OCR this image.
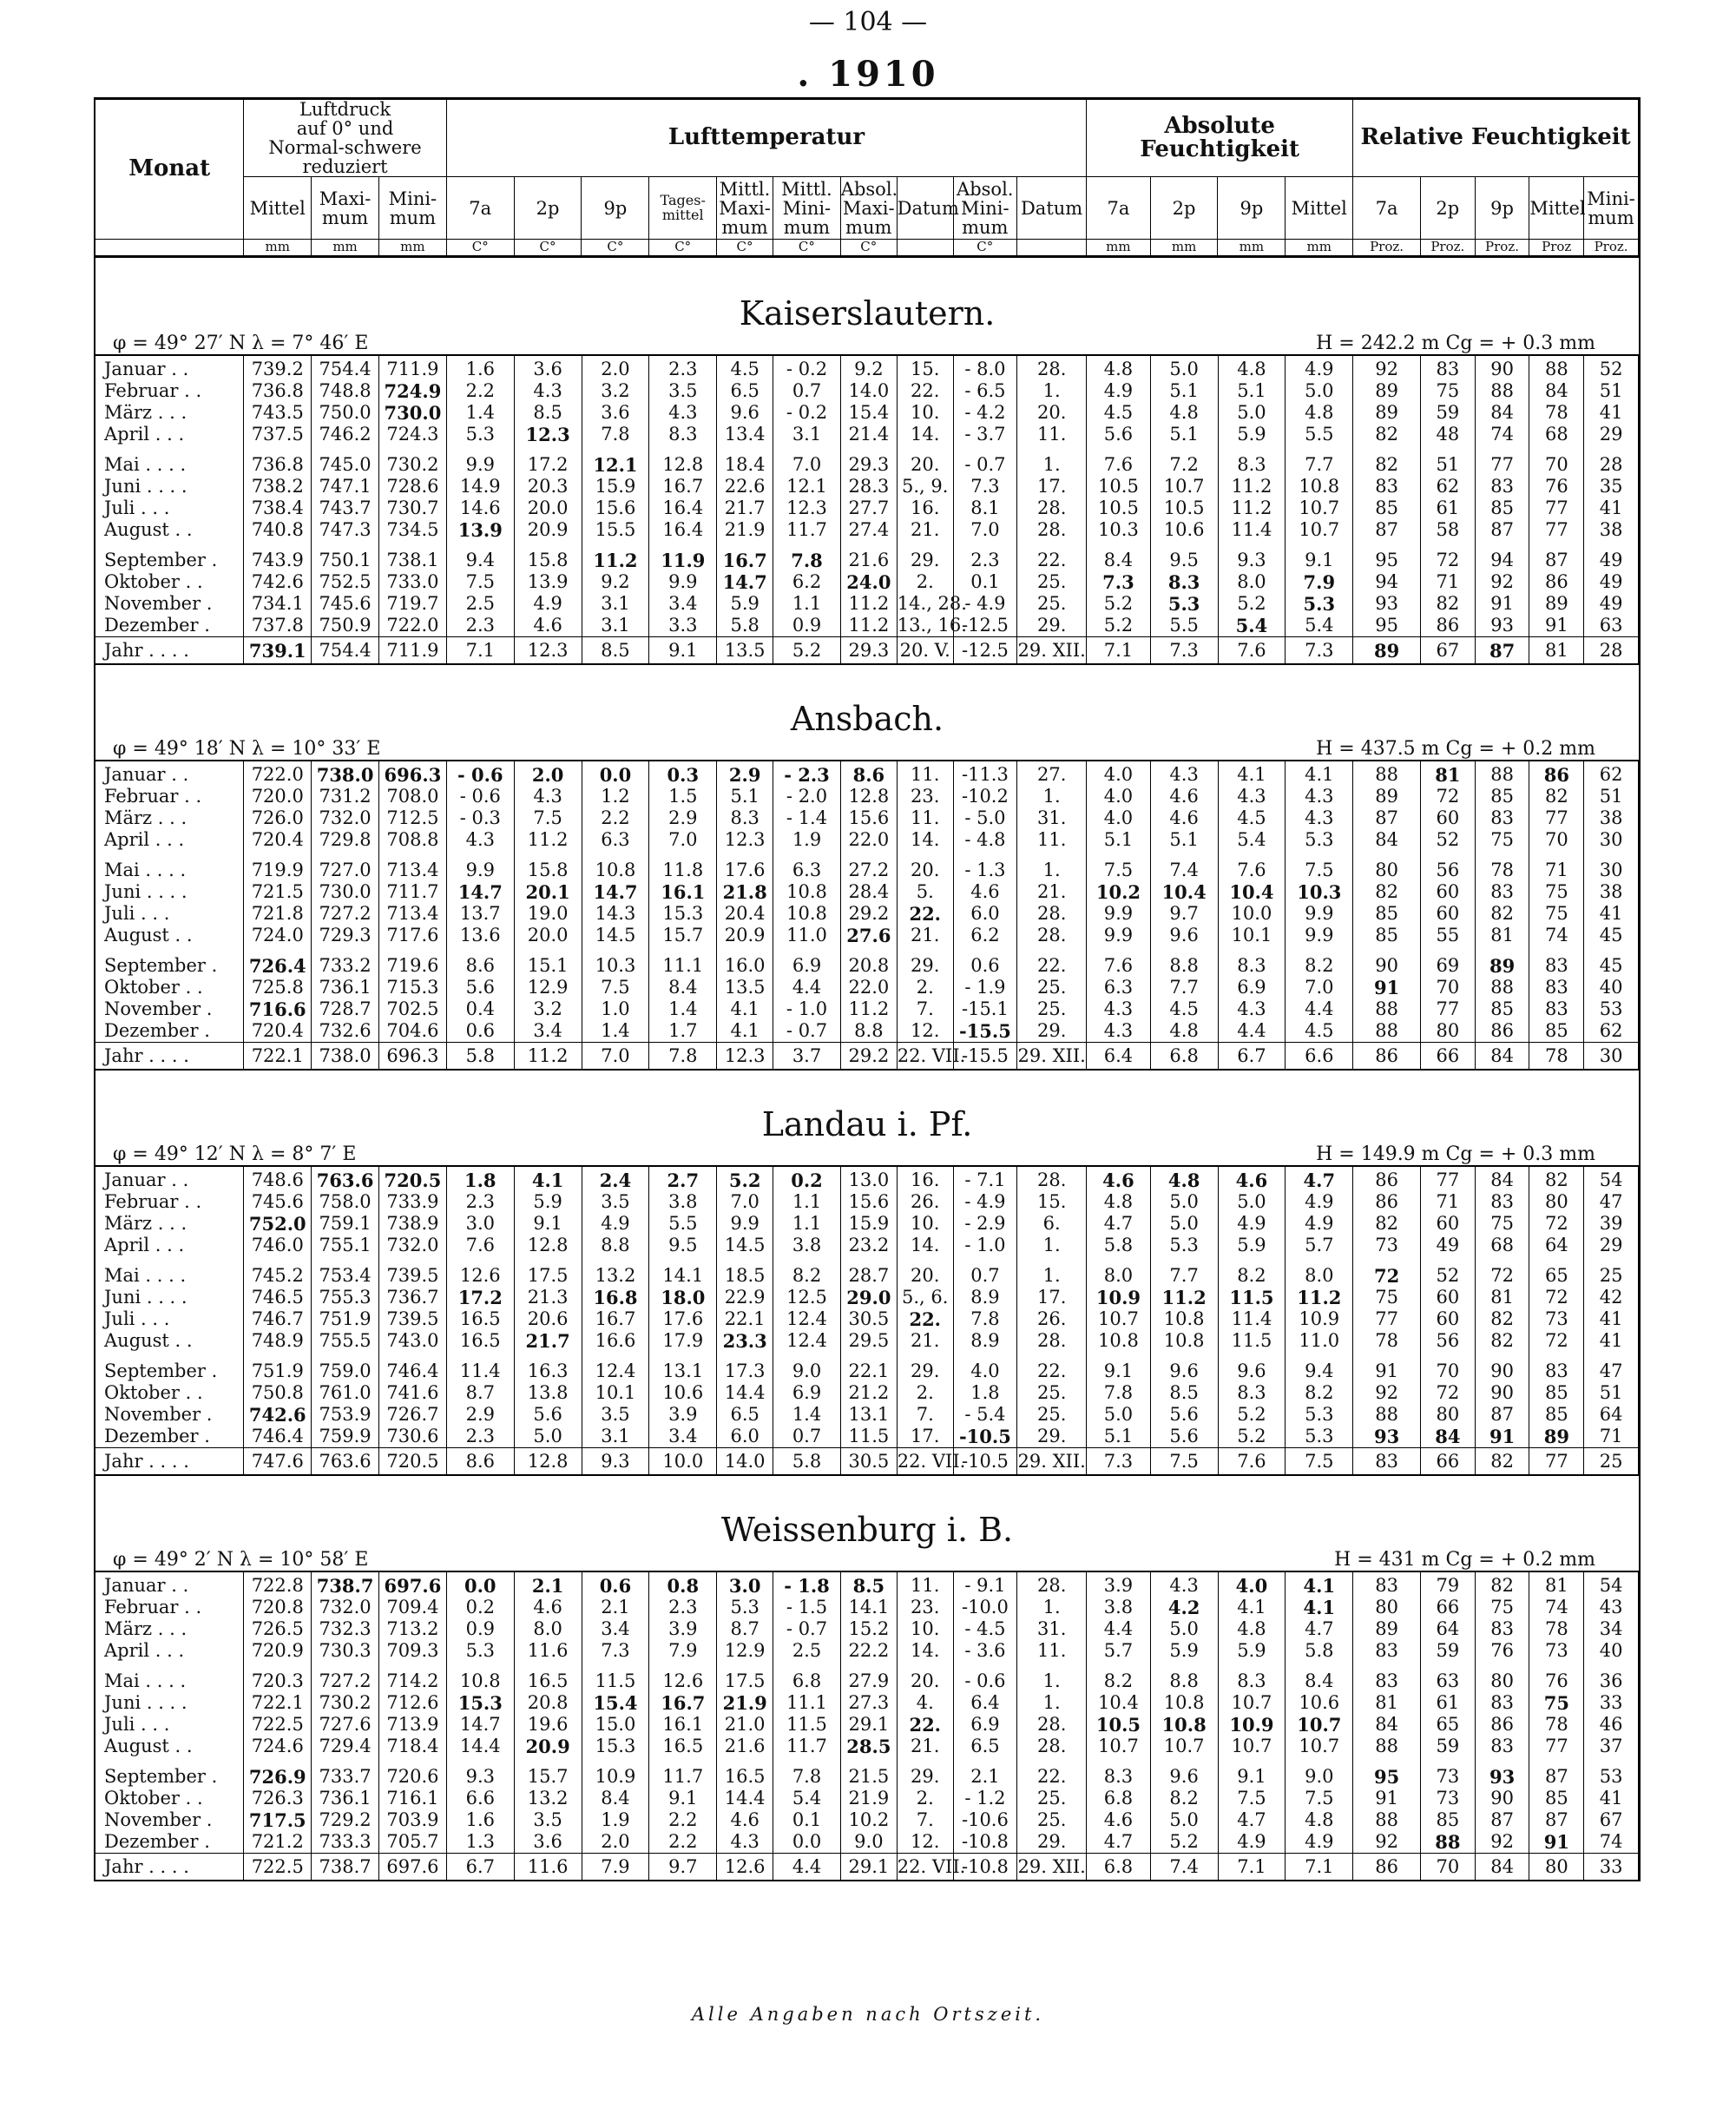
— 104 —
. 1910
Monat	Luftdruck
auf 0° und Normal-schwere reduziert			Lufttemperatur										Absolute Feuchtigkeit				Relative Feuchtigkeit				
	Mittel	Maxi-mum	Mini-mum	7a	2p	9p	Tages-mittel	Mittl. Maxi-mum	Mittl. Mini-mum	Absol. Maxi-mum	Datum	Absol. Mini-mum	Datum	7a	2p	9p	Mittel	7a	2p	9p	Mittel	Mini-mum
	mm	mm	mm	C°	C°	C°	C°	C°	C°	C°		C°		mm	mm	mm	mm	Proz.	Proz.	Proz.	Proz	Proz.
	Kaiserslautern.	
φ = 49° 27′ N λ = 7° 46′ E		H = 242.2 m Cg = + 0.3 mm
Januar . .	739.2	754.4	711.9	1.6	3.6	2.0	2.3	4.5	- 0.2	9.2	15.	- 8.0	28.	4.8	5.0	4.8	4.9	92	83	90	88	52
Februar . .	736.8	748.8	724.9	2.2	4.3	3.2	3.5	6.5	0.7	14.0	22.	- 6.5	1.	4.9	5.1	5.1	5.0	89	75	88	84	51
März . . .	743.5	750.0	730.0	1.4	8.5	3.6	4.3	9.6	- 0.2	15.4	10.	- 4.2	20.	4.5	4.8	5.0	4.8	89	59	84	78	41
April . . .	737.5	746.2	724.3	5.3	12.3	7.8	8.3	13.4	3.1	21.4	14.	- 3.7	11.	5.6	5.1	5.9	5.5	82	48	74	68	29
Mai . . . .	736.8	745.0	730.2	9.9	17.2	12.1	12.8	18.4	7.0	29.3	20.	- 0.7	1.	7.6	7.2	8.3	7.7	82	51	77	70	28
Juni . . . .	738.2	747.1	728.6	14.9	20.3	15.9	16.7	22.6	12.1	28.3	5., 9.	7.3	17.	10.5	10.7	11.2	10.8	83	62	83	76	35
Juli . . .	738.4	743.7	730.7	14.6	20.0	15.6	16.4	21.7	12.3	27.7	16.	8.1	28.	10.5	10.5	11.2	10.7	85	61	85	77	41
August . .	740.8	747.3	734.5	13.9	20.9	15.5	16.4	21.9	11.7	27.4	21.	7.0	28.	10.3	10.6	11.4	10.7	87	58	87	77	38
September .	743.9	750.1	738.1	9.4	15.8	11.2	11.9	16.7	7.8	21.6	29.	2.3	22.	8.4	9.5	9.3	9.1	95	72	94	87	49
Oktober . .	742.6	752.5	733.0	7.5	13.9	9.2	9.9	14.7	6.2	24.0	2.	0.1	25.	7.3	8.3	8.0	7.9	94	71	92	86	49
November .	734.1	745.6	719.7	2.5	4.9	3.1	3.4	5.9	1.1	11.2	14., 28.	- 4.9	25.	5.2	5.3	5.2	5.3	93	82	91	89	49
Dezember .	737.8	750.9	722.0	2.3	4.6	3.1	3.3	5.8	0.9	11.2	13., 16.	-12.5	29.	5.2	5.5	5.4	5.4	95	86	93	91	63
Jahr . . . .	739.1	754.4	711.9	7.1	12.3	8.5	9.1	13.5	5.2	29.3	20. V.	-12.5	29. XII.	7.1	7.3	7.6	7.3	89	67	87	81	28
	Ansbach.	
φ = 49° 18′ N λ = 10° 33′ E		H = 437.5 m Cg = + 0.2 mm
Januar . .	722.0	738.0	696.3	- 0.6	2.0	0.0	0.3	2.9	- 2.3	8.6	11.	-11.3	27.	4.0	4.3	4.1	4.1	88	81	88	86	62
Februar . .	720.0	731.2	708.0	- 0.6	4.3	1.2	1.5	5.1	- 2.0	12.8	23.	-10.2	1.	4.0	4.6	4.3	4.3	89	72	85	82	51
März . . .	726.0	732.0	712.5	- 0.3	7.5	2.2	2.9	8.3	- 1.4	15.6	11.	- 5.0	31.	4.0	4.6	4.5	4.3	87	60	83	77	38
April . . .	720.4	729.8	708.8	4.3	11.2	6.3	7.0	12.3	1.9	22.0	14.	- 4.8	11.	5.1	5.1	5.4	5.3	84	52	75	70	30
Mai . . . .	719.9	727.0	713.4	9.9	15.8	10.8	11.8	17.6	6.3	27.2	20.	- 1.3	1.	7.5	7.4	7.6	7.5	80	56	78	71	30
Juni . . . .	721.5	730.0	711.7	14.7	20.1	14.7	16.1	21.8	10.8	28.4	5.	4.6	21.	10.2	10.4	10.4	10.3	82	60	83	75	38
Juli . . .	721.8	727.2	713.4	13.7	19.0	14.3	15.3	20.4	10.8	29.2	22.	6.0	28.	9.9	9.7	10.0	9.9	85	60	82	75	41
August . .	724.0	729.3	717.6	13.6	20.0	14.5	15.7	20.9	11.0	27.6	21.	6.2	28.	9.9	9.6	10.1	9.9	85	55	81	74	45
September .	726.4	733.2	719.6	8.6	15.1	10.3	11.1	16.0	6.9	20.8	29.	0.6	22.	7.6	8.8	8.3	8.2	90	69	89	83	45
Oktober . .	725.8	736.1	715.3	5.6	12.9	7.5	8.4	13.5	4.4	22.0	2.	- 1.9	25.	6.3	7.7	6.9	7.0	91	70	88	83	40
November .	716.6	728.7	702.5	0.4	3.2	1.0	1.4	4.1	- 1.0	11.2	7.	-15.1	25.	4.3	4.5	4.3	4.4	88	77	85	83	53
Dezember .	720.4	732.6	704.6	0.6	3.4	1.4	1.7	4.1	- 0.7	8.8	12.	-15.5	29.	4.3	4.8	4.4	4.5	88	80	86	85	62
Jahr . . . .	722.1	738.0	696.3	5.8	11.2	7.0	7.8	12.3	3.7	29.2	22. VII.	-15.5	29. XII.	6.4	6.8	6.7	6.6	86	66	84	78	30
	Landau i. Pf.	
φ = 49° 12′ N λ = 8° 7′ E		H = 149.9 m Cg = + 0.3 mm
Januar . .	748.6	763.6	720.5	1.8	4.1	2.4	2.7	5.2	0.2	13.0	16.	- 7.1	28.	4.6	4.8	4.6	4.7	86	77	84	82	54
Februar . .	745.6	758.0	733.9	2.3	5.9	3.5	3.8	7.0	1.1	15.6	26.	- 4.9	15.	4.8	5.0	5.0	4.9	86	71	83	80	47
März . . .	752.0	759.1	738.9	3.0	9.1	4.9	5.5	9.9	1.1	15.9	10.	- 2.9	6.	4.7	5.0	4.9	4.9	82	60	75	72	39
April . . .	746.0	755.1	732.0	7.6	12.8	8.8	9.5	14.5	3.8	23.2	14.	- 1.0	1.	5.8	5.3	5.9	5.7	73	49	68	64	29
Mai . . . .	745.2	753.4	739.5	12.6	17.5	13.2	14.1	18.5	8.2	28.7	20.	0.7	1.	8.0	7.7	8.2	8.0	72	52	72	65	25
Juni . . . .	746.5	755.3	736.7	17.2	21.3	16.8	18.0	22.9	12.5	29.0	5., 6.	8.9	17.	10.9	11.2	11.5	11.2	75	60	81	72	42
Juli . . .	746.7	751.9	739.5	16.5	20.6	16.7	17.6	22.1	12.4	30.5	22.	7.8	26.	10.7	10.8	11.4	10.9	77	60	82	73	41
August . .	748.9	755.5	743.0	16.5	21.7	16.6	17.9	23.3	12.4	29.5	21.	8.9	28.	10.8	10.8	11.5	11.0	78	56	82	72	41
September .	751.9	759.0	746.4	11.4	16.3	12.4	13.1	17.3	9.0	22.1	29.	4.0	22.	9.1	9.6	9.6	9.4	91	70	90	83	47
Oktober . .	750.8	761.0	741.6	8.7	13.8	10.1	10.6	14.4	6.9	21.2	2.	1.8	25.	7.8	8.5	8.3	8.2	92	72	90	85	51
November .	742.6	753.9	726.7	2.9	5.6	3.5	3.9	6.5	1.4	13.1	7.	- 5.4	25.	5.0	5.6	5.2	5.3	88	80	87	85	64
Dezember .	746.4	759.9	730.6	2.3	5.0	3.1	3.4	6.0	0.7	11.5	17.	-10.5	29.	5.1	5.6	5.2	5.3	93	84	91	89	71
Jahr . . . .	747.6	763.6	720.5	8.6	12.8	9.3	10.0	14.0	5.8	30.5	22. VII.	-10.5	29. XII.	7.3	7.5	7.6	7.5	83	66	82	77	25
	Weissenburg i. B.	
φ = 49° 2′ N λ = 10° 58′ E		H = 431 m Cg = + 0.2 mm
Januar . .	722.8	738.7	697.6	0.0	2.1	0.6	0.8	3.0	- 1.8	8.5	11.	- 9.1	28.	3.9	4.3	4.0	4.1	83	79	82	81	54
Februar . .	720.8	732.0	709.4	0.2	4.6	2.1	2.3	5.3	- 1.5	14.1	23.	-10.0	1.	3.8	4.2	4.1	4.1	80	66	75	74	43
März . . .	726.5	732.3	713.2	0.9	8.0	3.4	3.9	8.7	- 0.7	15.2	10.	- 4.5	31.	4.4	5.0	4.8	4.7	89	64	83	78	34
April . . .	720.9	730.3	709.3	5.3	11.6	7.3	7.9	12.9	2.5	22.2	14.	- 3.6	11.	5.7	5.9	5.9	5.8	83	59	76	73	40
Mai . . . .	720.3	727.2	714.2	10.8	16.5	11.5	12.6	17.5	6.8	27.9	20.	- 0.6	1.	8.2	8.8	8.3	8.4	83	63	80	76	36
Juni . . . .	722.1	730.2	712.6	15.3	20.8	15.4	16.7	21.9	11.1	27.3	4.	6.4	1.	10.4	10.8	10.7	10.6	81	61	83	75	33
Juli . . .	722.5	727.6	713.9	14.7	19.6	15.0	16.1	21.0	11.5	29.1	22.	6.9	28.	10.5	10.8	10.9	10.7	84	65	86	78	46
August . .	724.6	729.4	718.4	14.4	20.9	15.3	16.5	21.6	11.7	28.5	21.	6.5	28.	10.7	10.7	10.7	10.7	88	59	83	77	37
September .	726.9	733.7	720.6	9.3	15.7	10.9	11.7	16.5	7.8	21.5	29.	2.1	22.	8.3	9.6	9.1	9.0	95	73	93	87	53
Oktober . .	726.3	736.1	716.1	6.6	13.2	8.4	9.1	14.4	5.4	21.9	2.	- 1.2	25.	6.8	8.2	7.5	7.5	91	73	90	85	41
November .	717.5	729.2	703.9	1.6	3.5	1.9	2.2	4.6	0.1	10.2	7.	-10.6	25.	4.6	5.0	4.7	4.8	88	85	87	87	67
Dezember .	721.2	733.3	705.7	1.3	3.6	2.0	2.2	4.3	0.0	9.0	12.	-10.8	29.	4.7	5.2	4.9	4.9	92	88	92	91	74
Jahr . . . .	722.5	738.7	697.6	6.7	11.6	7.9	9.7	12.6	4.4	29.1	22. VII.	-10.8	29. XII.	6.8	7.4	7.1	7.1	86	70	84	80	33
Alle Angaben nach Ortszeit.
